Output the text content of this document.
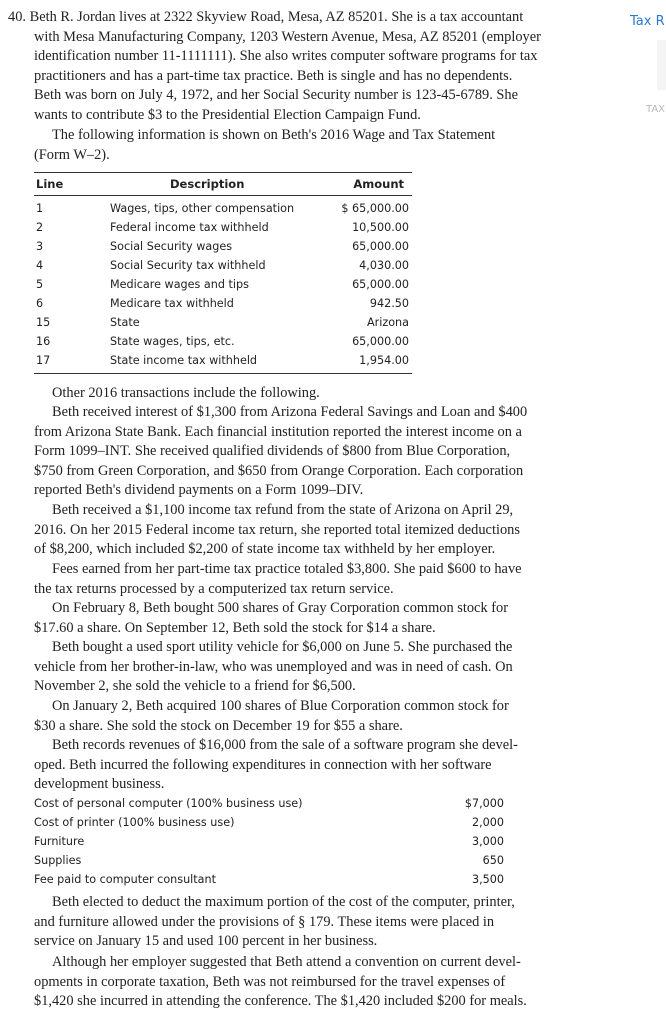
Tax R
TAX
40. Beth R. Jordan lives at 2322 Skyview Road, Mesa, AZ 85201. She is a tax accountant
with Mesa Manufacturing Company, 1203 Western Avenue, Mesa, AZ 85201 (employer
identification number 11-1111111). She also writes computer software programs for tax
practitioners and has a part-time tax practice. Beth is single and has no dependents.
Beth was born on July 4, 1972, and her Social Security number is 123-45-6789. She
wants to contribute $3 to the Presidential Election Campaign Fund.
The following information is shown on Beth's 2016 Wage and Tax Statement
(Form W–2).
Line	Description	Amount
1	Wages, tips, other compensation	$ 65,000.00
2	Federal income tax withheld	10,500.00
3	Social Security wages	65,000.00
4	Social Security tax withheld	4,030.00
5	Medicare wages and tips	65,000.00
6	Medicare tax withheld	942.50
15	State	Arizona
16	State wages, tips, etc.	65,000.00
17	State income tax withheld	1,954.00
Other 2016 transactions include the following.
Beth received interest of $1,300 from Arizona Federal Savings and Loan and $400
from Arizona State Bank. Each financial institution reported the interest income on a
Form 1099–INT. She received qualified dividends of $800 from Blue Corporation,
$750 from Green Corporation, and $650 from Orange Corporation. Each corporation
reported Beth's dividend payments on a Form 1099–DIV.
Beth received a $1,100 income tax refund from the state of Arizona on April 29,
2016. On her 2015 Federal income tax return, she reported total itemized deductions
of $8,200, which included $2,200 of state income tax withheld by her employer.
Fees earned from her part-time tax practice totaled $3,800. She paid $600 to have
the tax returns processed by a computerized tax return service.
On February 8, Beth bought 500 shares of Gray Corporation common stock for
$17.60 a share. On September 12, Beth sold the stock for $14 a share.
Beth bought a used sport utility vehicle for $6,000 on June 5. She purchased the
vehicle from her brother-in-law, who was unemployed and was in need of cash. On
November 2, she sold the vehicle to a friend for $6,500.
On January 2, Beth acquired 100 shares of Blue Corporation common stock for
$30 a share. She sold the stock on December 19 for $55 a share.
Beth records revenues of $16,000 from the sale of a software program she devel-
oped. Beth incurred the following expenditures in connection with her software
development business.
Cost of personal computer (100% business use)	$7,000
Cost of printer (100% business use)	2,000
Furniture	3,000
Supplies	650
Fee paid to computer consultant	3,500
Beth elected to deduct the maximum portion of the cost of the computer, printer,
and furniture allowed under the provisions of § 179. These items were placed in
service on January 15 and used 100 percent in her business.
Although her employer suggested that Beth attend a convention on current devel-
opments in corporate taxation, Beth was not reimbursed for the travel expenses of
$1,420 she incurred in attending the conference. The $1,420 included $200 for meals.
